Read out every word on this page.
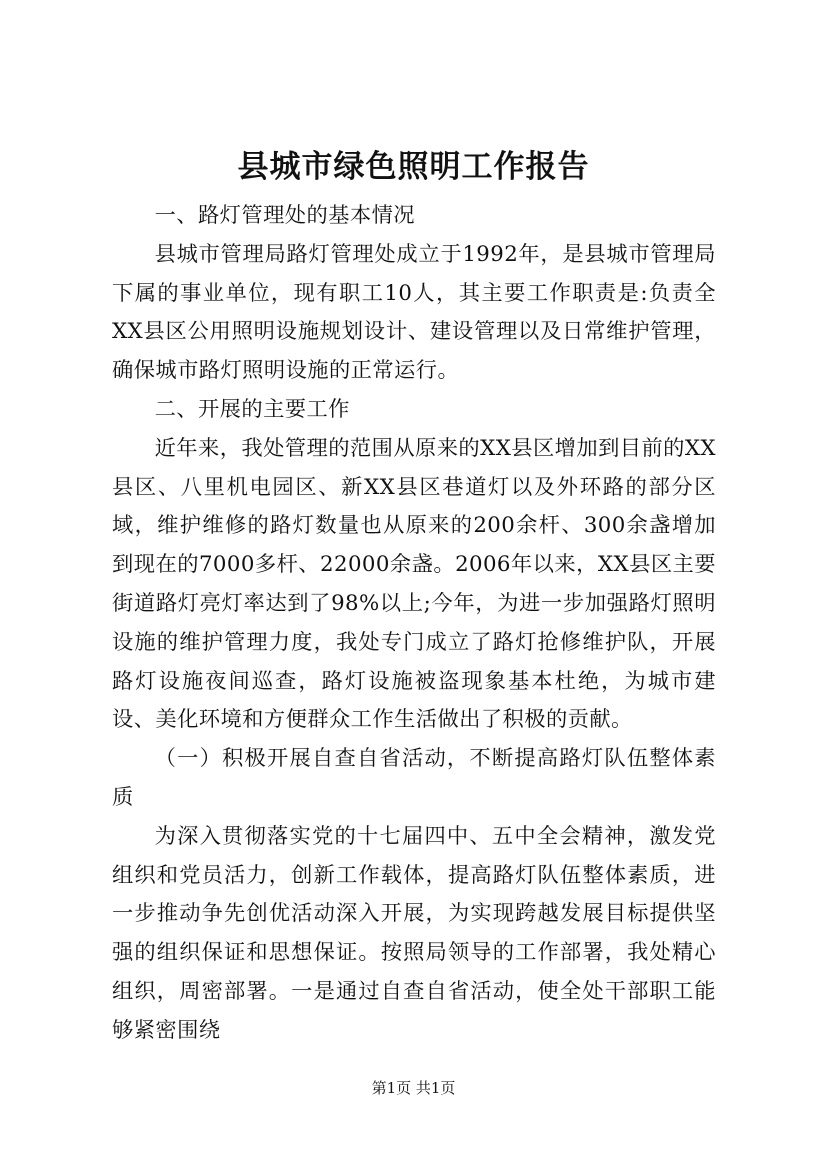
县城市绿色照明工作报告

一、路灯管理处的基本情况

县城市管理局路灯管理处成立于1992年，是县城市管理局下属的事业单位，现有职工10人，其主要工作职责是:负责全XX县区公用照明设施规划设计、建设管理以及日常维护管理，确保城市路灯照明设施的正常运行。

二、开展的主要工作

近年来，我处管理的范围从原来的XX县区增加到目前的XX县区、八里机电园区、新XX县区巷道灯以及外环路的部分区域，维护维修的路灯数量也从原来的200余杆、300余盏增加到现在的7000多杆、22000余盏。2006年以来，XX县区主要街道路灯亮灯率达到了98%以上;今年，为进一步加强路灯照明设施的维护管理力度，我处专门成立了路灯抢修维护队，开展路灯设施夜间巡查，路灯设施被盗现象基本杜绝，为城市建设、美化环境和方便群众工作生活做出了积极的贡献。

（一）积极开展自查自省活动，不断提高路灯队伍整体素质

为深入贯彻落实党的十七届四中、五中全会精神，激发党组织和党员活力，创新工作载体，提高路灯队伍整体素质，进一步推动争先创优活动深入开展，为实现跨越发展目标提供坚强的组织保证和思想保证。按照局领导的工作部署，我处精心组织，周密部署。一是通过自查自省活动，使全处干部职工能够紧密围绕

第1页 共1页
